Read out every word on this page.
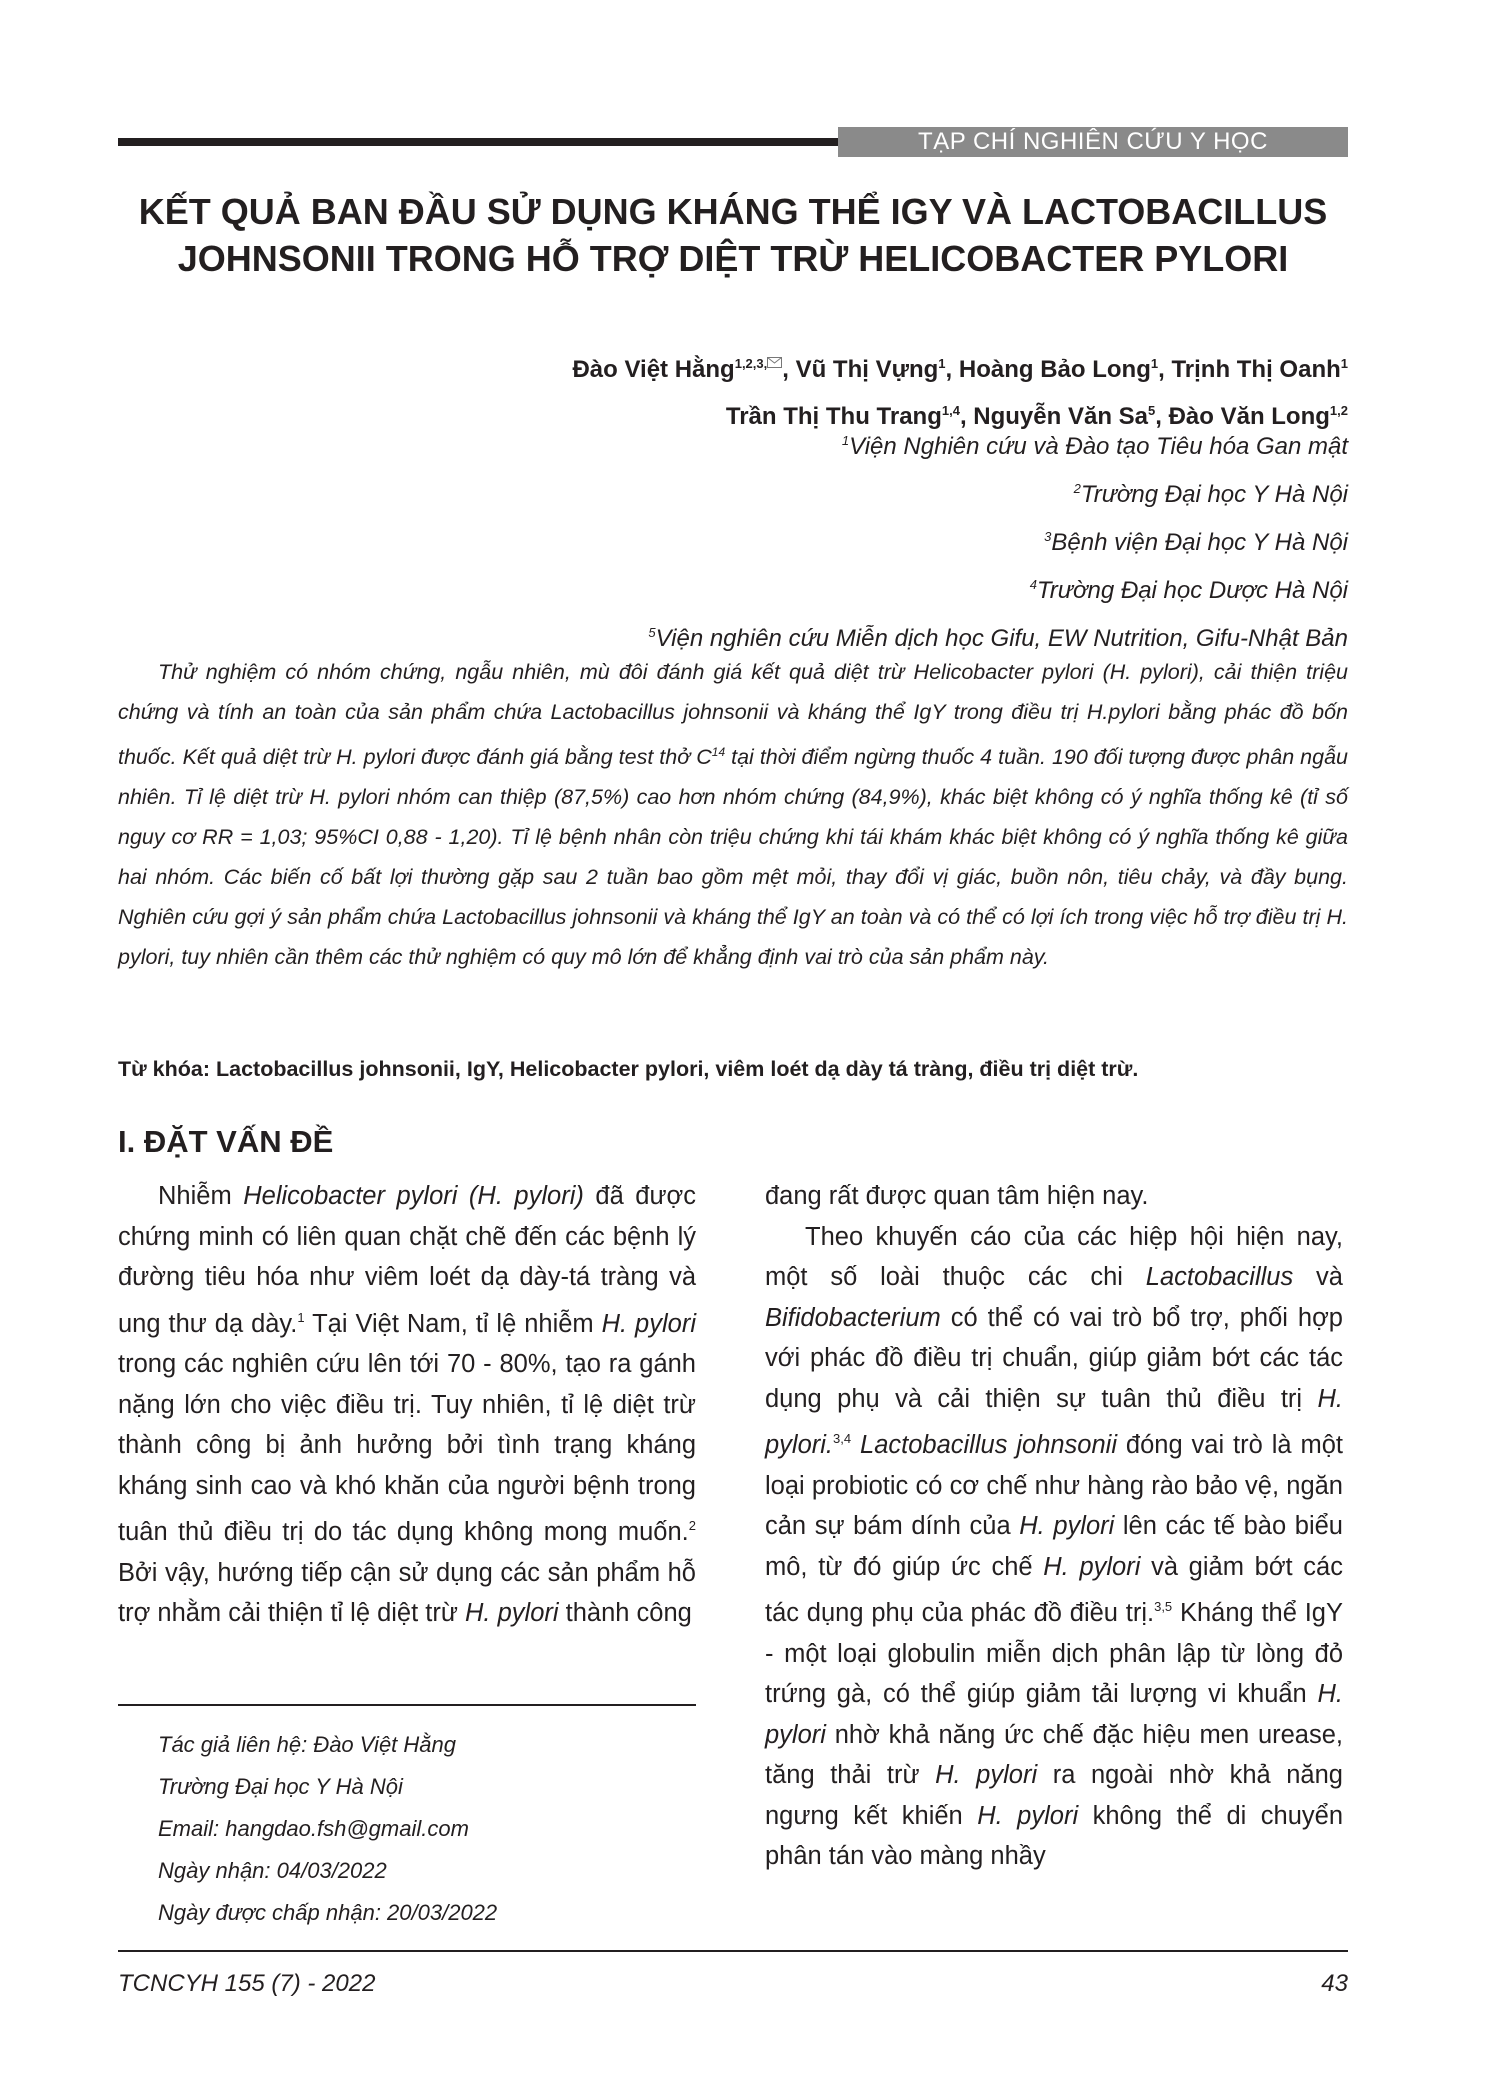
TẠP CHÍ NGHIÊN CỨU Y HỌC
KẾT QUẢ BAN ĐẦU SỬ DỤNG KHÁNG THỂ IGY VÀ LACTOBACILLUS JOHNSONII TRONG HỖ TRỢ DIỆT TRỪ HELICOBACTER PYLORI
Đào Việt Hằng$^{1,2,3,}$ , Vũ Thị Vựng$^1$, Hoàng Bảo Long$^1$, Trịnh Thị Oanh$^1$
Trần Thị Thu Trang$^{1,4}$, Nguyễn Văn Sa$^5$, Đào Văn Long$^{1,2}$
$^1$Viện Nghiên cứu và Đào tạo Tiêu hóa Gan mật
$^2$Trường Đại học Y Hà Nội
$^3$Bệnh viện Đại học Y Hà Nội
$^4$Trường Đại học Dược Hà Nội
$^5$Viện nghiên cứu Miễn dịch học Gifu, EW Nutrition, Gifu-Nhật Bản

Thử nghiệm có nhóm chứng, ngẫu nhiên, mù đôi đánh giá kết quả diệt trừ Helicobacter pylori (H. pylori), cải thiện triệu chứng và tính an toàn của sản phẩm chứa Lactobacillus johnsonii và kháng thể IgY trong điều trị H.pylori bằng phác đồ bốn thuốc. Kết quả diệt trừ H. pylori được đánh giá bằng test thở $C^{14}$ tại thời điểm ngừng thuốc 4 tuần. 190 đối tượng được phân ngẫu nhiên. Tỉ lệ diệt trừ H. pylori nhóm can thiệp (87,5%) cao hơn nhóm chứng (84,9%), khác biệt không có ý nghĩa thống kê (tỉ số nguy cơ RR = 1,03; 95%CI 0,88 - 1,20). Tỉ lệ bệnh nhân còn triệu chứng khi tái khám khác biệt không có ý nghĩa thống kê giữa hai nhóm. Các biến cố bất lợi thường gặp sau 2 tuần bao gồm mệt mỏi, thay đổi vị giác, buồn nôn, tiêu chảy, và đầy bụng. Nghiên cứu gợi ý sản phẩm chứa Lactobacillus johnsonii và kháng thể IgY an toàn và có thể có lợi ích trong việc hỗ trợ điều trị H. pylori, tuy nhiên cần thêm các thử nghiệm có quy mô lớn để khẳng định vai trò của sản phẩm này.

Từ khóa: Lactobacillus johnsonii, IgY, Helicobacter pylori, viêm loét dạ dày tá tràng, điều trị diệt trừ.

I. ĐẶT VẤN ĐỀ

Nhiễm Helicobacter pylori (H. pylori) đã được chứng minh có liên quan chặt chẽ đến các bệnh lý đường tiêu hóa như viêm loét dạ dày-tá tràng và ung thư dạ dày.$^1$ Tại Việt Nam, tỉ lệ nhiễm H. pylori trong các nghiên cứu lên tới 70 - 80%, tạo ra gánh nặng lớn cho việc điều trị. Tuy nhiên, tỉ lệ diệt trừ thành công bị ảnh hưởng bởi tình trạng kháng kháng sinh cao và khó khăn của người bệnh trong tuân thủ điều trị do tác dụng không mong muốn.$^2$ Bởi vậy, hướng tiếp cận sử dụng các sản phẩm hỗ trợ nhằm cải thiện tỉ lệ diệt trừ H. pylori thành công

đang rất được quan tâm hiện nay.

Theo khuyến cáo của các hiệp hội hiện nay, một số loài thuộc các chi Lactobacillus và Bifidobacterium có thể có vai trò bổ trợ, phối hợp với phác đồ điều trị chuẩn, giúp giảm bớt các tác dụng phụ và cải thiện sự tuân thủ điều trị H. pylori.$^{3,4}$ Lactobacillus johnsonii đóng vai trò là một loại probiotic có cơ chế như hàng rào bảo vệ, ngăn cản sự bám dính của H. pylori lên các tế bào biểu mô, từ đó giúp ức chế H. pylori và giảm bớt các tác dụng phụ của phác đồ điều trị.$^{3,5}$ Kháng thể IgY - một loại globulin miễn dịch phân lập từ lòng đỏ trứng gà, có thể giúp giảm tải lượng vi khuẩn H. pylori nhờ khả năng ức chế đặc hiệu men urease, tăng thải trừ H. pylori ra ngoài nhờ khả năng ngưng kết khiến H. pylori không thể di chuyển phân tán vào màng nhầy

Tác giả liên hệ: Đào Việt Hằng
Trường Đại học Y Hà Nội
Email: hangdao.fsh@gmail.com
Ngày nhận: 04/03/2022
Ngày được chấp nhận: 20/03/2022
TCNCYH 155 (7) - 2022	43
